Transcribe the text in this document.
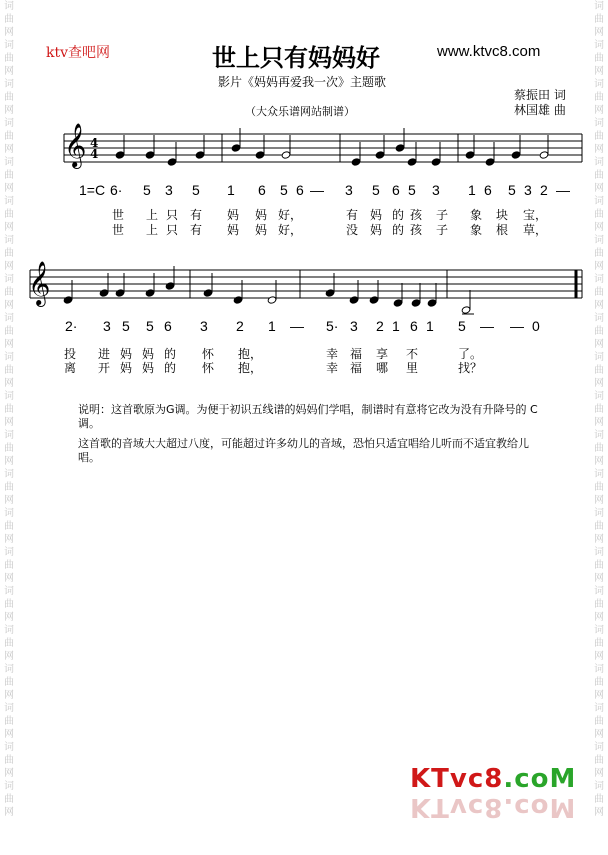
词
曲
网
词
曲
网
词
曲
网
词
曲
网
词
曲
网
词
曲
网
词
曲
网
词
曲
网
词
曲
网
词
曲
网
词
曲
网
词
曲
网
词
曲
网
词
曲
网
词
曲
网
词
曲
网
词
曲
网
词
曲
网
词
曲
网
词
曲
网
词
曲
网
词
曲
网
词
曲
网
词
曲
网
词
曲
网
词
曲
网
词
曲
网
词
曲
网
词
曲
网
词
曲
网
词
曲
网
词
曲
网
词
曲
网
词
曲
网
词
曲
网
词
曲
网
词
曲
网
词
曲
网
词
曲
网
词
曲
网
词
曲
网
词
曲
网
ktv查吧网	世上只有妈妈好	www.ktvc8.com
影片《妈妈再爱我一次》主题歌
蔡振田 词
林国雄 曲
（大众乐谱网站制谱）
𝄞 4
4
𝄞
1=C 6· 5 3 5 1 6 5 6 — 3 5 6 5 3 1 6 5 3 2 —
世 上 只 有 妈 妈 好，	有 妈 的 孩 子 象 块 宝，
世 上 只 有 妈 妈 好，	没 妈 的 孩 子 象 根 草，
2· 3 5 5 6 3 2 1 — 5· 3 2 1 6 1 5 — — 0
投 进 妈 妈 的 怀 抱，	幸 福 享 不	了。
离 开 妈 妈 的 怀 抱，	幸 福 哪 里	找？
说明：这首歌原为G调。为便于初识五线谱的妈妈们学唱，制谱时有意将它改为没有升降号的 C 调。
这首歌的音域大大超过八度，可能超过许多幼儿的音域，恐怕只适宜唱给儿听而不适宜教给儿唱。
KTvc8.coM
KTvc8.coM
